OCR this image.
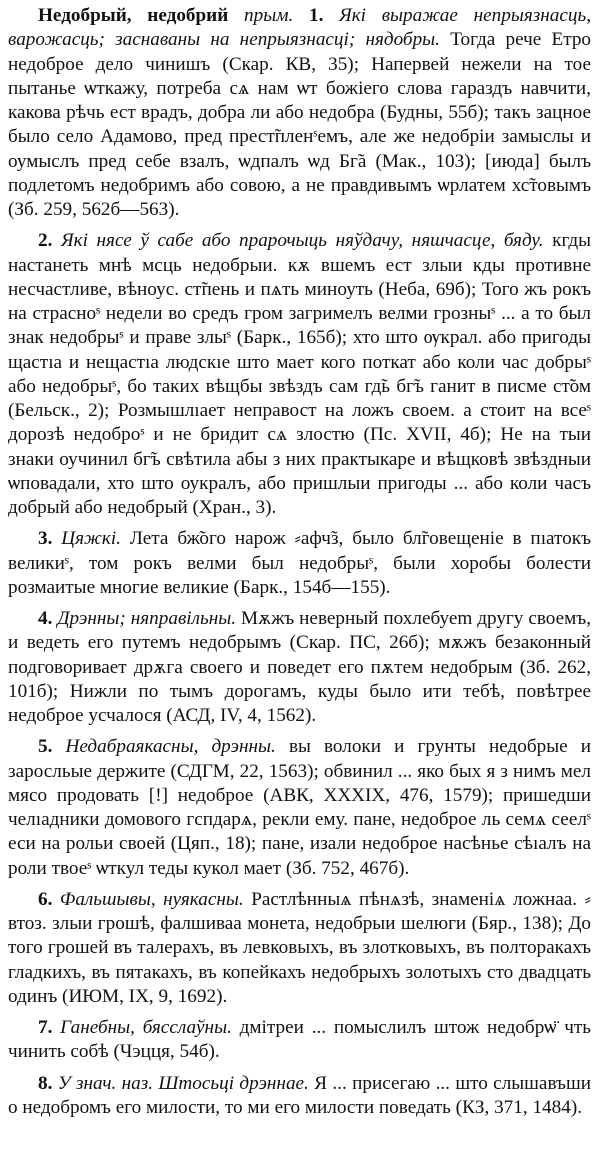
Недобрый, недобрий прым. 1. Які выражае непрыязнасць, варожасць; заснаваны на непрыязнасці; нядобры. Тогда рече Етро недоброе дело чинишъ (Скар. КВ, 35); Напервей нежели на тое пытанье ѡткажу, потреба сѧ нам ѡт божіего слова гараздъ навчити, какова рѣчь ест врадъ, добра ли або недобра (Будны, 55б); такъ зацное было село Адамово, пред прест̃пленˢемъ, але же недобріи замыслы и оумыслъ пред себе взалъ, ѡдпалъ ѡд Бг̃а (Мак., 103); [июда] былъ подлетомъ недобримъ або совою, а не правдивымъ ѡрлатем хс̃товымъ (Зб. 259, 562б—563).

2. Які нясе ў сабе або прарочыць няўдачу, няшчасце, бяду. кгды настанеть мнѣ мсць недобрыи. кѫ вшемъ ест злыи кды противне несчастливе, вѣноус. ст̃пень и пѧть миноуть (Неба, 69б); Того жъ рокъ на страсноˢ недели во средъ гром загримелъ велми грозныˢ ... а то был знак недобрыˢ и праве злыˢ (Барк., 165б); хто што ѹкрал. або пригоды щастıа и нещастıа людскıе што мает кого поткат або коли час добрыˢ або недобрыˢ, бо таких вѣщбы звѣздъ сам гд̃ь бг̃ъ ганит в писме ст̃ом (Бельск., 2); Розмышлıает неправост на ложъ своем. а стоит на всеˢ дорозѣ недоброˢ и не бридит сѧ злостю (Пс. XVII, 4б); Не на тыи знаки оучинил бг̃ъ свѣтила абы з них практыкаре и вѣщковѣ звѣздныи ѡповадали, хто што оукралъ, або пришлыи пригоды ... або коли часъ добрый або недобрый (Хран., 3).

3. Цяжкі. Лета бж̃ого нарож ⸗афч̃з, было бл̃говещеніе в пıатокъ великиˢ, том рокъ велми был недобрыˢ, были хоробы болести розмаитые многие великие (Барк., 154б—155).

4. Дрэнны; няправільны. Мѫжъ неверный похлебуеm другу своемъ, и ведеть его путемъ недобрымъ (Скар. ПС, 26б); мѫжъ безаконный подговоривает дрѫга своего и поведет его пѫтем недобрым (Зб. 262, 101б); Нижли по тымъ дорогамъ, куды было ити тебѣ, повѣтрее недоброе усчалося (АСД, IV, 4, 1562).

5. Недабраякасны, дрэнны. вы волоки и грунты недобрые и заросльые держите (СДГМ, 22, 1563); обвинил ... яко бых я з нимъ мел мясо продовать [!] недоброе (АВК, XXXIX, 476, 1579); пришедши челıадники домового гспдарѧ, рекли ему. пане, недоброе ль семѧ сеелˢ еси на рольи своей (Цяп., 18); пане, изали недоброе насѣнье сѣıалъ на роли твоеˢ ѡткул теды кукол мает (Зб. 752, 467б).

6. Фальшывы, нуякасны. Растлѣнныѧ пѣнѧзѣ, знаменіѧ ложнаа. ⸗втоз. злыи грошѣ, фалшиваа монета, недобрыи шелюги (Бяр., 138); До того грошей въ талерахъ, въ левковыхъ, въ злотковыхъ, въ полторакахъ гладкихъ, въ пятакахъ, въ копейкахъ недобрыхъ золотыхъ сто двадцать одинъ (ИЮМ, IX, 9, 1692).

7. Ганебны, бясслаўны. дмітреи ... помыслилъ штож недобрѡ̈ чть чинить собѣ (Чэцця, 54б).

8. У знач. наз. Штосьці дрэннае. Я ... присегаю ... што слышавъши о недобромъ его милости, то ми его милости поведать (КЗ, 371, 1484).
